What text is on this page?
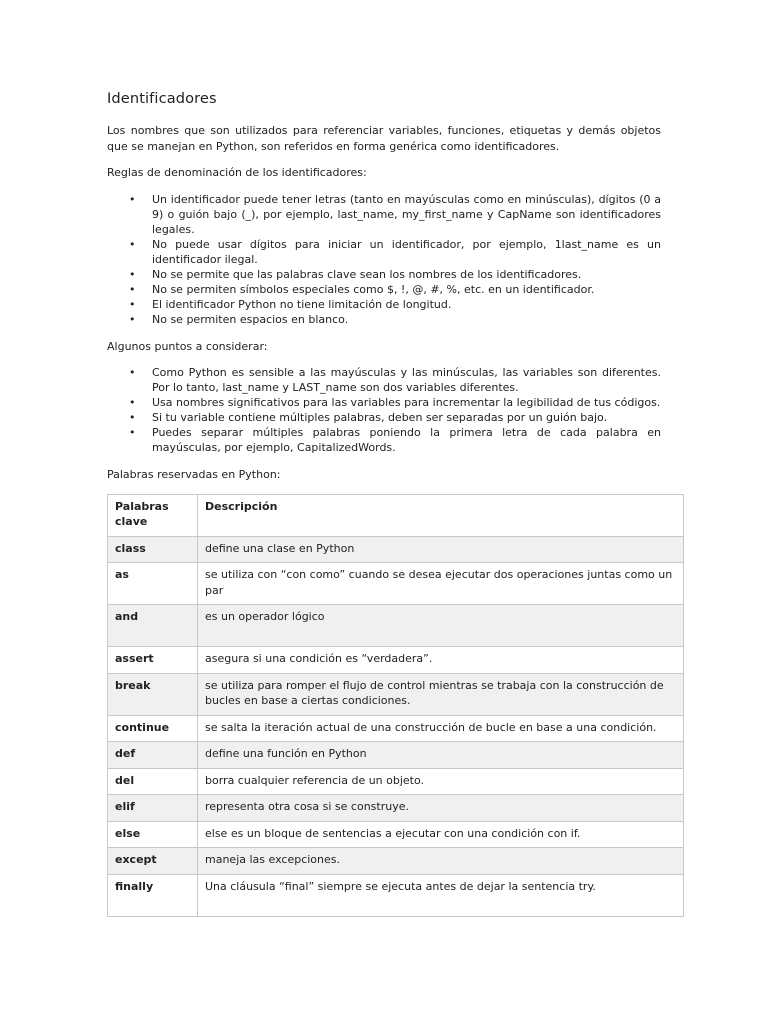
Identificadores

Los nombres que son utilizados para referenciar variables, funciones, etiquetas y demás objetos que se manejan en Python, son referidos en forma genérica como identificadores.

Reglas de denominación de los identificadores:

• Un identificador puede tener letras (tanto en mayúsculas como en minúsculas), dígitos (0 a 9) o guión bajo (_), por ejemplo, last_name, my_first_name y CapName son identificadores legales.
• No puede usar dígitos para iniciar un identificador, por ejemplo, 1last_name es un identificador ilegal.
• No se permite que las palabras clave sean los nombres de los identificadores.
• No se permiten símbolos especiales como $, !, @, #, %, etc. en un identificador.
• El identificador Python no tiene limitación de longitud.
• No se permiten espacios en blanco.

Algunos puntos a considerar:

• Como Python es sensible a las mayúsculas y las minúsculas, las variables son diferentes. Por lo tanto, last_name y LAST_name son dos variables diferentes.
• Usa nombres significativos para las variables para incrementar la legibilidad de tus códigos.
• Si tu variable contiene múltiples palabras, deben ser separadas por un guión bajo.
• Puedes separar múltiples palabras poniendo la primera letra de cada palabra en mayúsculas, por ejemplo, CapitalizedWords.

Palabras reservadas en Python:

Palabras clave	Descripción
class	define una clase en Python
as	se utiliza con “con como” cuando se desea ejecutar dos operaciones juntas como un par
and	es un operador lógico
assert	asegura si una condición es “verdadera”.
break	se utiliza para romper el flujo de control mientras se trabaja con la construcción de bucles en base a ciertas condiciones.
continue	se salta la iteración actual de una construcción de bucle en base a una condición.
def	define una función en Python
del	borra cualquier referencia de un objeto.
elif	representa otra cosa si se construye.
else	else es un bloque de sentencias a ejecutar con una condición con if.
except	maneja las excepciones.
finally	Una cláusula “final” siempre se ejecuta antes de dejar la sentencia try.
